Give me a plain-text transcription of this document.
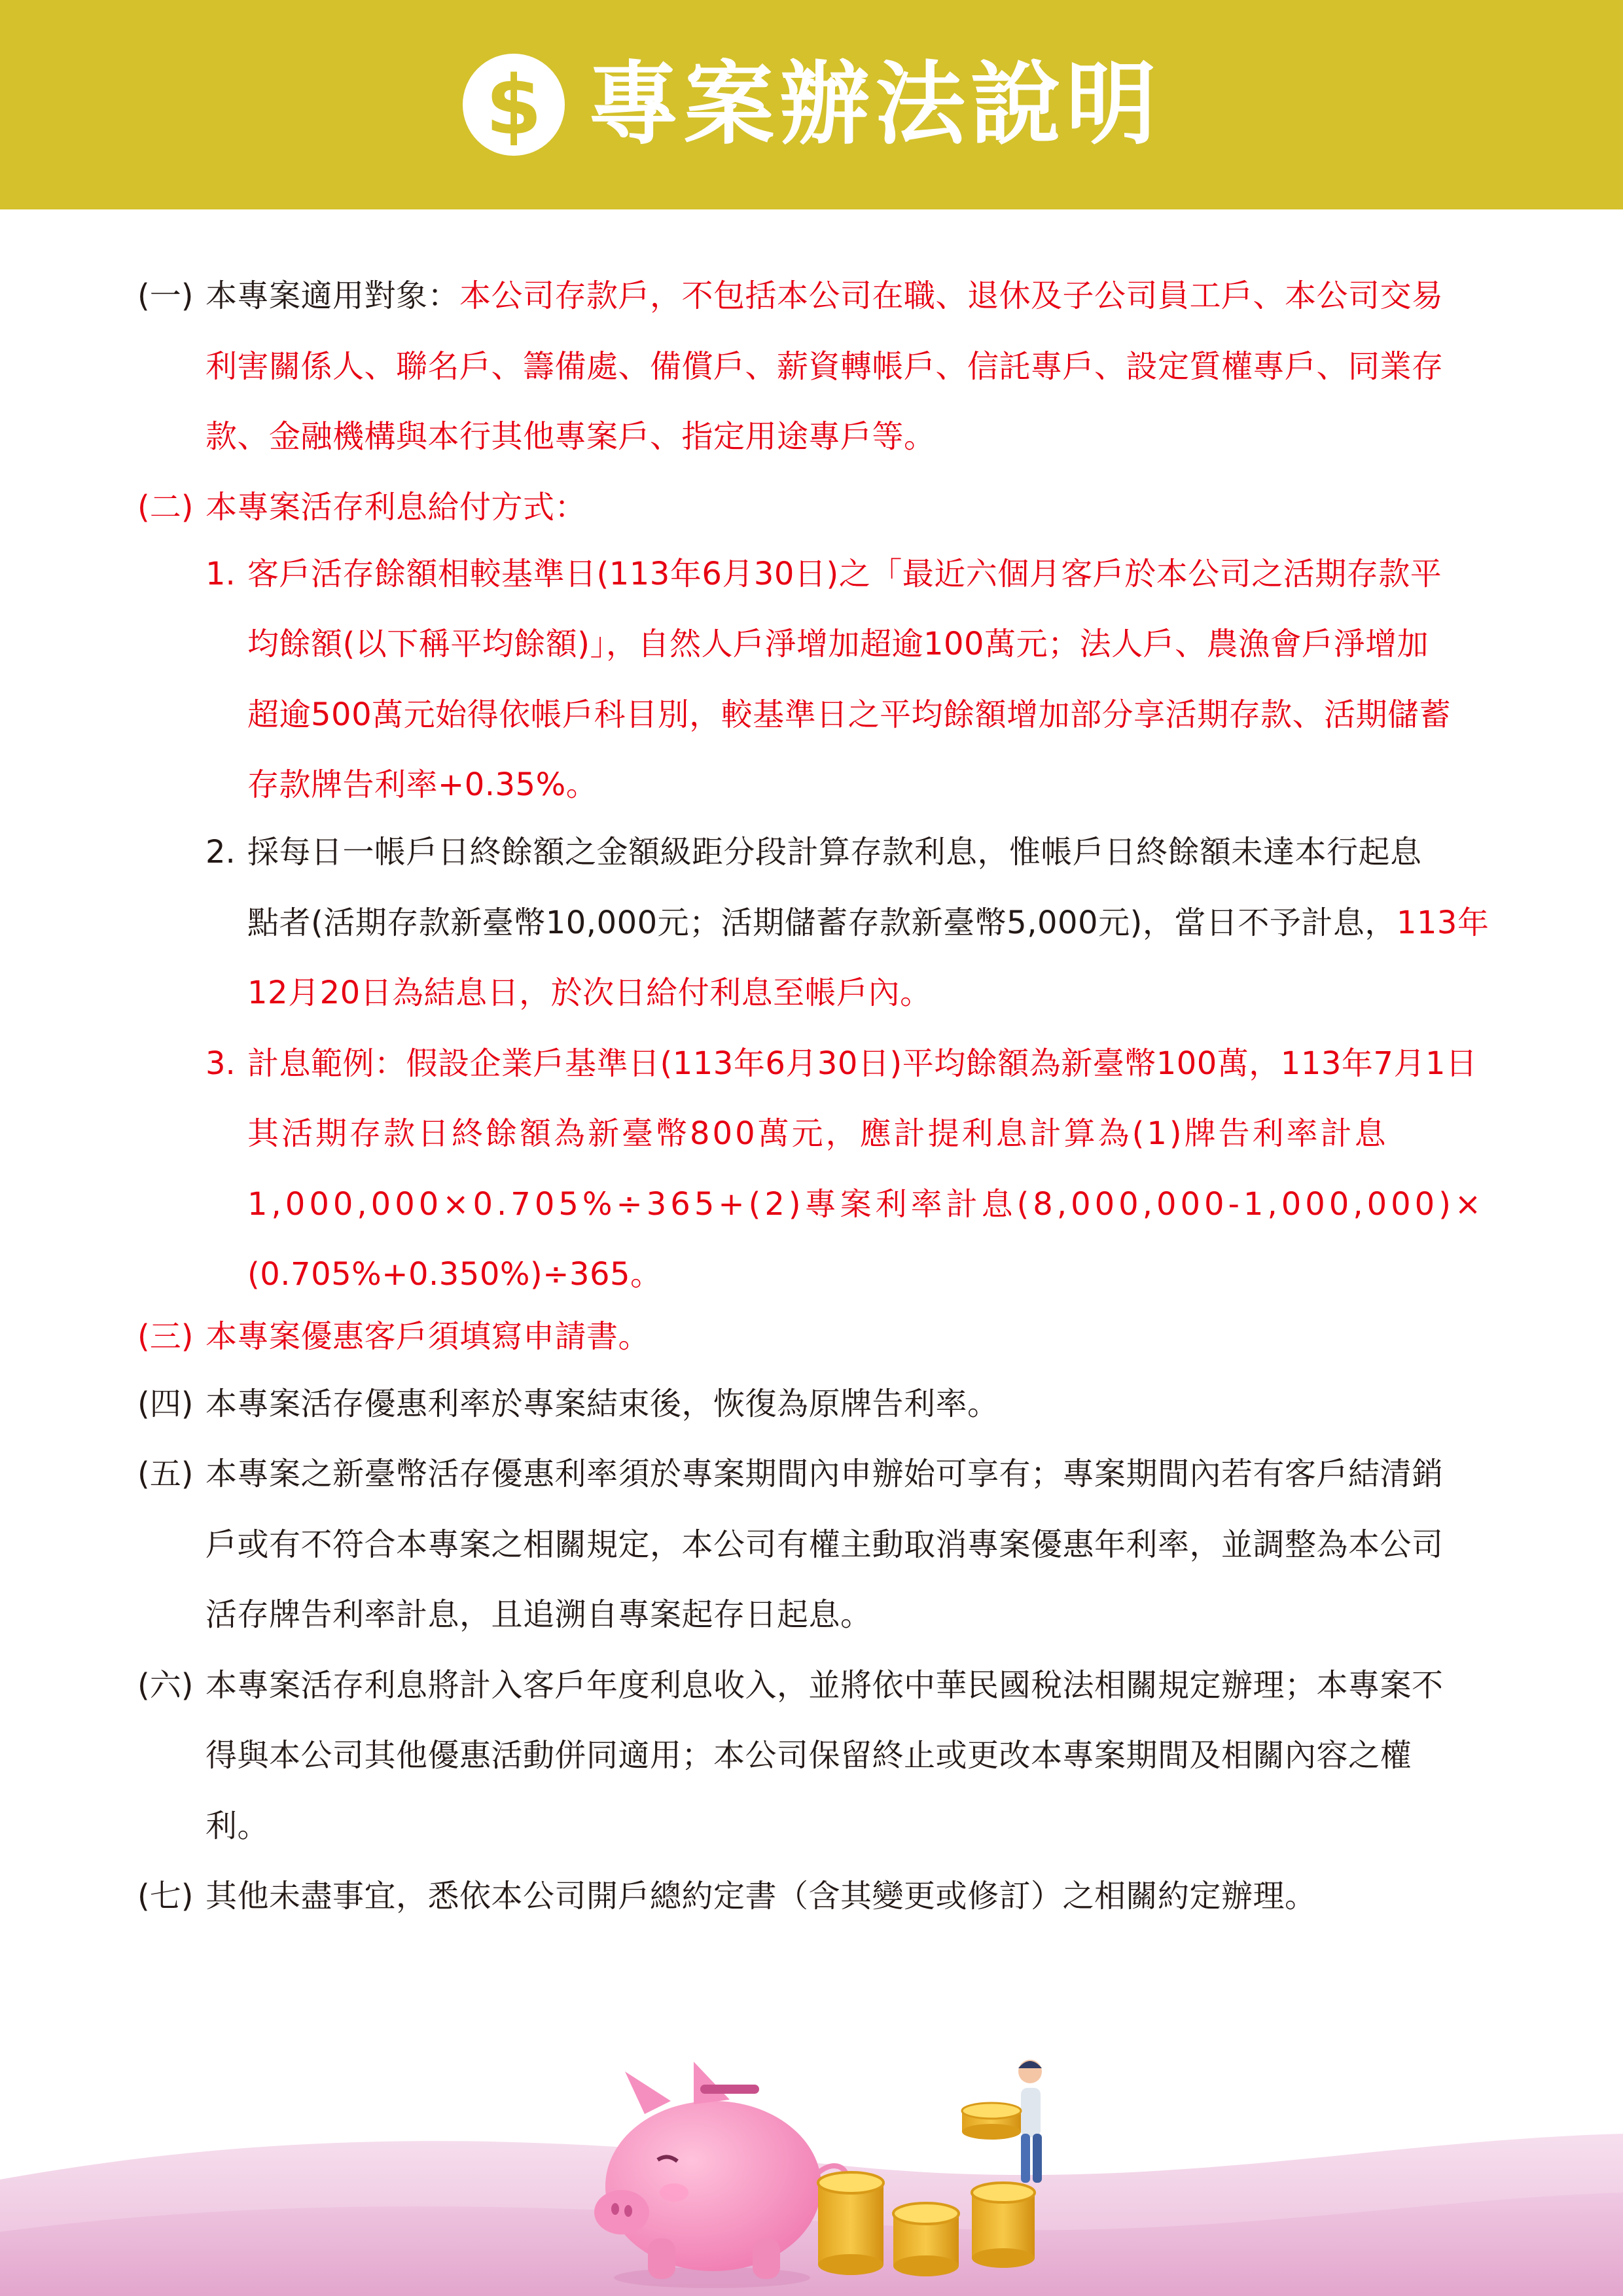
$ 專案辦法說明
(一) 本專案適用對象：本公司存款戶，不包括本公司在職、退休及子公司員工戶、本公司交易
利害關係人、聯名戶、籌備處、備償戶、薪資轉帳戶、信託專戶、設定質權專戶、同業存
款、金融機構與本行其他專案戶、指定用途專戶等。
(二) 本專案活存利息給付方式：
1. 客戶活存餘額相較基準日(113年6月30日)之「最近六個月客戶於本公司之活期存款平
均餘額(以下稱平均餘額)」，自然人戶淨增加超逾100萬元；法人戶、農漁會戶淨增加
超逾500萬元始得依帳戶科目別，較基準日之平均餘額增加部分享活期存款、活期儲蓄
存款牌告利率+0.35%。
2. 採每日一帳戶日終餘額之金額級距分段計算存款利息，惟帳戶日終餘額未達本行起息
點者(活期存款新臺幣10,000元；活期儲蓄存款新臺幣5,000元)，當日不予計息，113年
12月20日為結息日，於次日給付利息至帳戶內。
3. 計息範例：假設企業戶基準日(113年6月30日)平均餘額為新臺幣100萬，113年7月1日
其活期存款日終餘額為新臺幣800萬元，應計提利息計算為(1)牌告利率計息
1,000,000×0.705%÷365+(2)專案利率計息(8,000,000-1,000,000)×
(0.705%+0.350%)÷365。
(三) 本專案優惠客戶須填寫申請書。
(四) 本專案活存優惠利率於專案結束後，恢復為原牌告利率。
(五) 本專案之新臺幣活存優惠利率須於專案期間內申辦始可享有；專案期間內若有客戶結清銷
戶或有不符合本專案之相關規定，本公司有權主動取消專案優惠年利率，並調整為本公司
活存牌告利率計息，且追溯自專案起存日起息。
(六) 本專案活存利息將計入客戶年度利息收入，並將依中華民國稅法相關規定辦理；本專案不
得與本公司其他優惠活動併同適用；本公司保留終止或更改本專案期間及相關內容之權
利。
(七) 其他未盡事宜，悉依本公司開戶總約定書（含其變更或修訂）之相關約定辦理。
